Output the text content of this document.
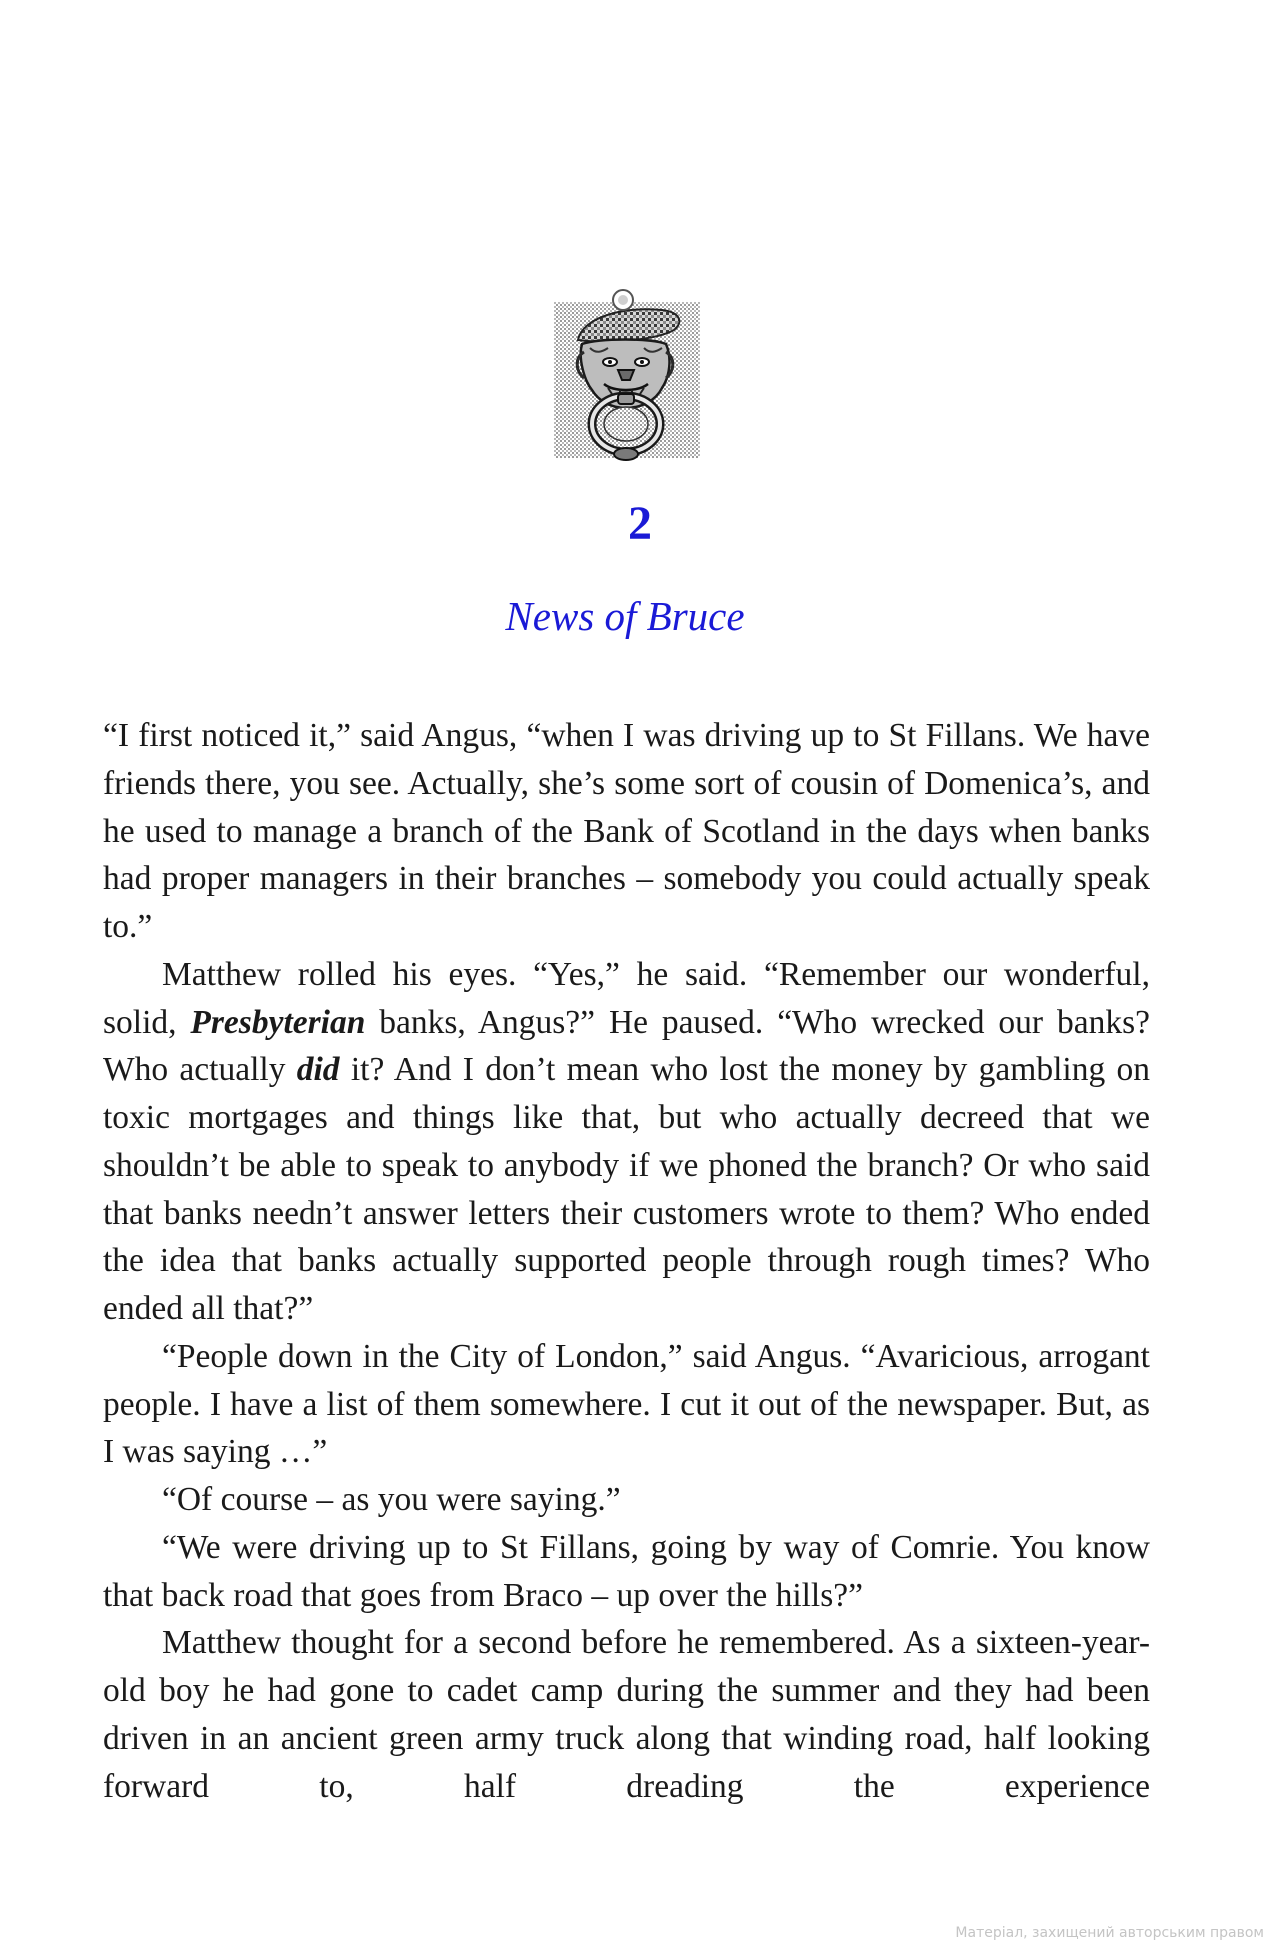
2
News of Bruce

“I first noticed it,” said Angus, “when I was driving up to St Fillans. We have friends there, you see. Actually, she’s some sort of cousin of Domenica’s, and he used to manage a branch of the Bank of Scotland in the days when banks had proper managers in their branches – somebody you could actually speak to.”

Matthew rolled his eyes. “Yes,” he said. “Remember our wonderful, solid, Presbyterian banks, Angus?” He paused. “Who wrecked our banks? Who actually did it? And I don’t mean who lost the money by gambling on toxic mortgages and things like that, but who actually decreed that we shouldn’t be able to speak to anybody if we phoned the branch? Or who said that banks needn’t answer letters their customers wrote to them? Who ended the idea that banks actually supported people through rough times? Who ended all that?”

“People down in the City of London,” said Angus. “Avaricious, arrogant people. I have a list of them somewhere. I cut it out of the newspaper. But, as I was saying …”

“Of course – as you were saying.”

“We were driving up to St Fillans, going by way of Comrie. You know that back road that goes from Braco – up over the hills?”

Matthew thought for a second before he remembered. As a sixteen-year-old boy he had gone to cadet camp during the summer and they had been driven in an ancient green army truck along that winding road, half looking forward to, half dreading the experience

Матеріал, захищений авторським правом
